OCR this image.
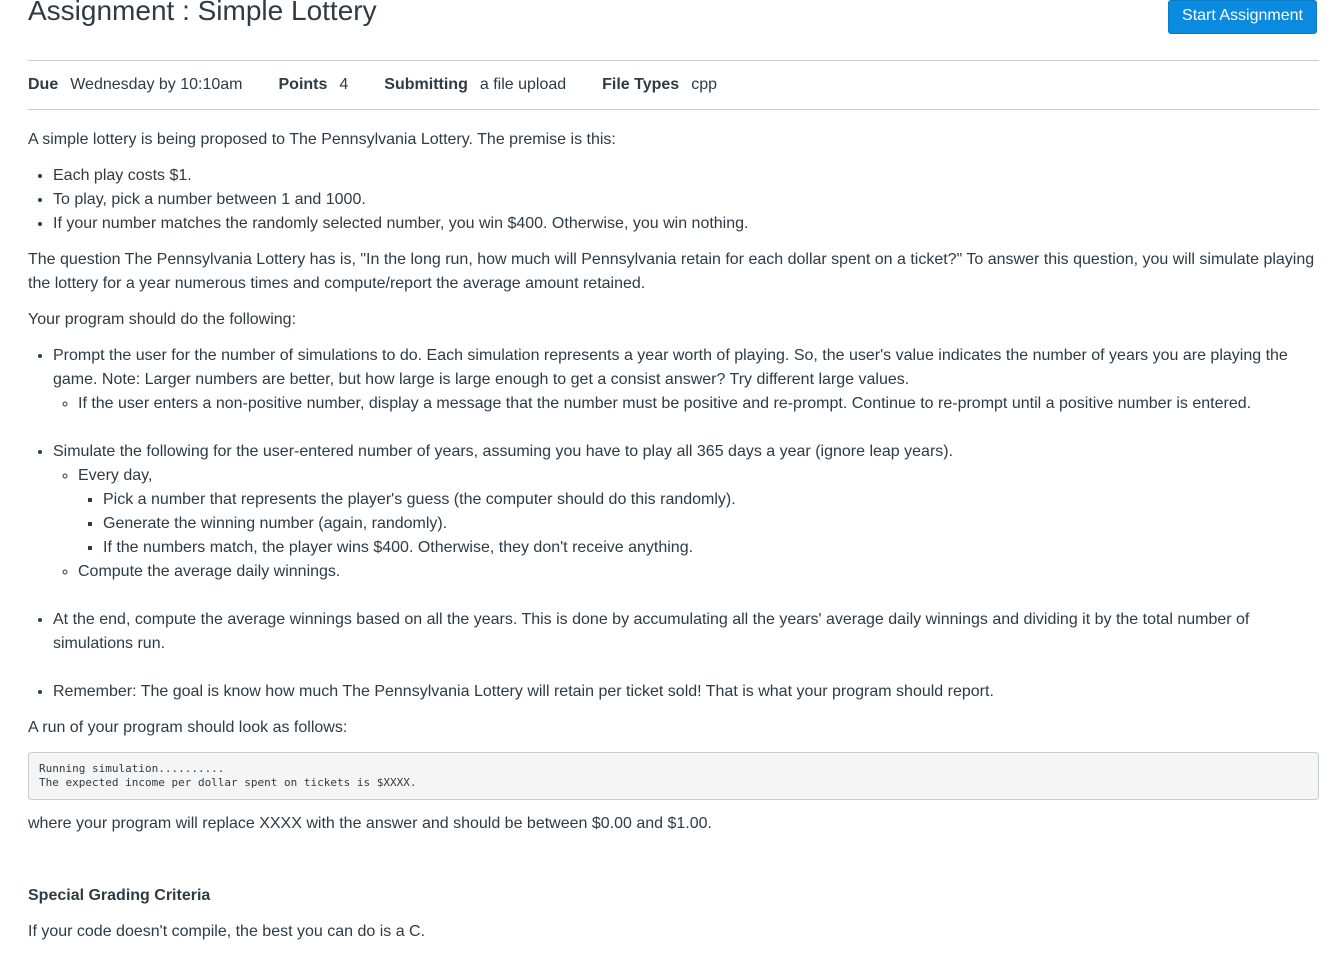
Assignment : Simple Lottery	Start Assignment
Due Wednesday by 10:10am Points 4 Submitting a file upload File Types cpp

A simple lottery is being proposed to The Pennsylvania Lottery. The premise is this:

• Each play costs $1.
• To play, pick a number between 1 and 1000.
• If your number matches the randomly selected number, you win $400. Otherwise, you win nothing.

The question The Pennsylvania Lottery has is, "In the long run, how much will Pennsylvania retain for each dollar spent on a ticket?" To answer this question, you will simulate playing the lottery for a year numerous times and compute/report the average amount retained.

Your program should do the following:

• Prompt the user for the number of simulations to do. Each simulation represents a year worth of playing. So, the user's value indicates the number of years you are playing the game. Note: Larger numbers are better, but how large is large enough to get a consist answer? Try different large values.
◦ If the user enters a non-positive number, display a message that the number must be positive and re-prompt. Continue to re-prompt until a positive number is entered.
• Simulate the following for the user-entered number of years, assuming you have to play all 365 days a year (ignore leap years).
◦ Every day,
▪ Pick a number that represents the player's guess (the computer should do this randomly).
▪ Generate the winning number (again, randomly).
▪ If the numbers match, the player wins $400. Otherwise, they don't receive anything.
◦ Compute the average daily winnings.
• At the end, compute the average winnings based on all the years. This is done by accumulating all the years' average daily winnings and dividing it by the total number of simulations run.
• Remember: The goal is know how much The Pennsylvania Lottery will retain per ticket sold! That is what your program should report.

A run of your program should look as follows:

Running simulation..........
The expected income per dollar spent on tickets is $XXXX.

where your program will replace XXXX with the answer and should be between $0.00 and $1.00.

Special Grading Criteria

If your code doesn't compile, the best you can do is a C.
